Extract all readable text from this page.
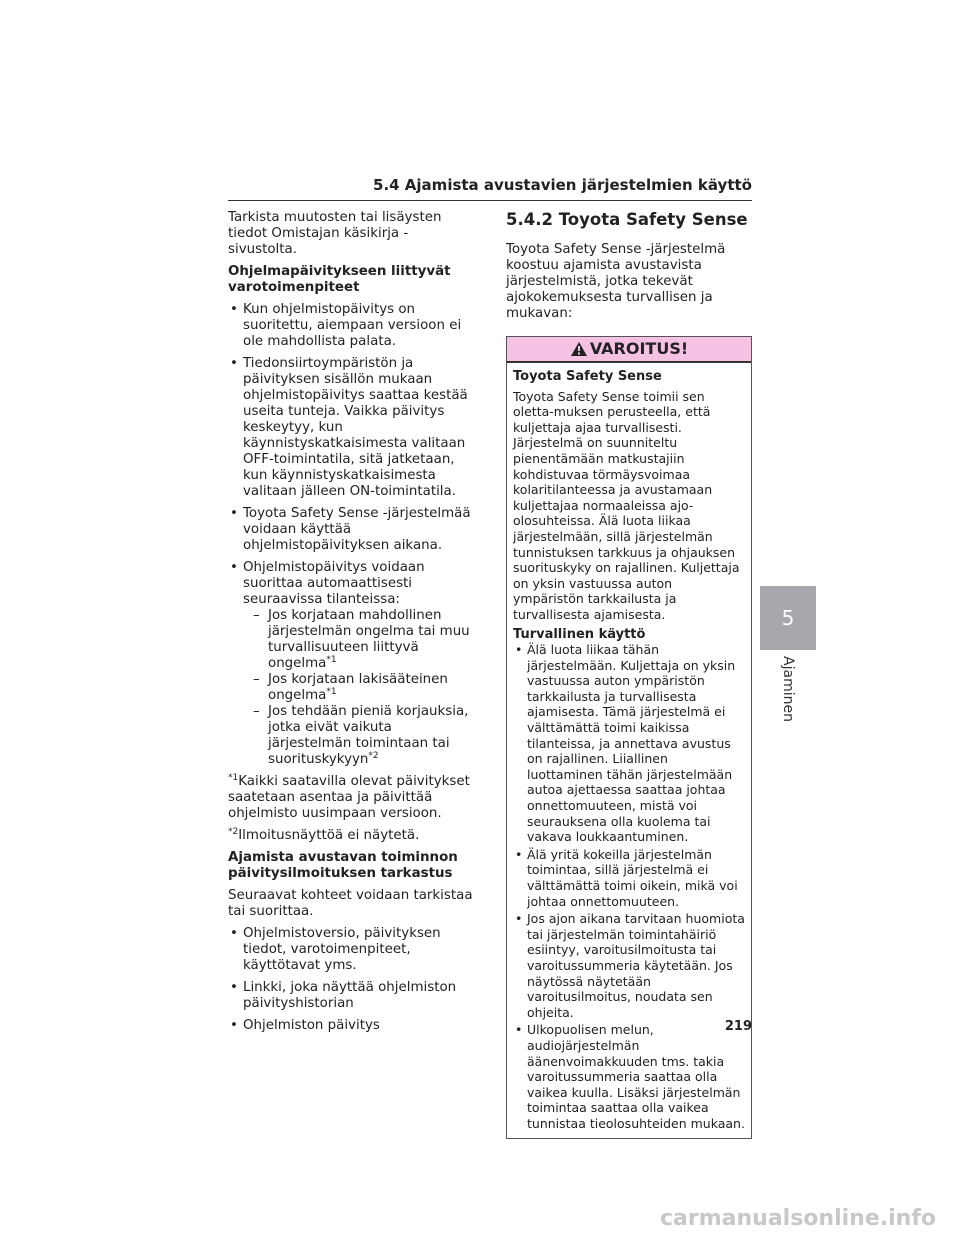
5.4 Ajamista avustavien järjestelmien käyttö

Tarkista muutosten tai lisäysten tiedot Omistajan käsikirja -sivustolta.

Ohjelmapäivitykseen liittyvät varotoimenpiteet

• Kun ohjelmistopäivitys on suoritettu, aiempaan versioon ei ole mahdollista palata.
• Tiedonsiirtoympäristön ja päivityksen sisällön mukaan ohjelmistopäivitys saattaa kestää useita tunteja. Vaikka päivitys keskeytyy, kun käynnistyskatkaisimesta valitaan OFF-toimintatila, sitä jatketaan, kun käynnistyskatkaisimesta valitaan jälleen ON-toimintatila.
• Toyota Safety Sense -järjestelmää voidaan käyttää ohjelmistopäivityksen aikana.
• Ohjelmistopäivitys voidaan suorittaa automaattisesti seuraavissa tilanteissa:
– Jos korjataan mahdollinen järjestelmän ongelma tai muu turvallisuuteen liittyvä ongelma$^{*1}$
– Jos korjataan lakisääteinen ongelma$^{*1}$
– Jos tehdään pieniä korjauksia, jotka eivät vaikuta järjestelmän toimintaan tai suorituskykyyn$^{*2}$

$^{*1}$Kaikki saatavilla olevat päivitykset saatetaan asentaa ja päivittää ohjelmisto uusimpaan versioon.

$^{*2}$Ilmoitusnäyttöä ei näytetä.

Ajamista avustavan toiminnon päivitysilmoituksen tarkastus

Seuraavat kohteet voidaan tarkistaa tai suorittaa.

• Ohjelmistoversio, päivityksen tiedot, varotoimenpiteet, käyttötavat yms.
• Linkki, joka näyttää ohjelmiston päivityshistorian
• Ohjelmiston päivitys
5.4.2 Toyota Safety Sense

Toyota Safety Sense -järjestelmä koostuu ajamista avustavista järjestelmistä, jotka tekevät ajokokemuksesta turvallisen ja mukavan:

VAROITUS!

Toyota Safety Sense

Toyota Safety Sense toimii sen oletta-muksen perusteella, että kuljettaja ajaa turvallisesti. Järjestelmä on suunniteltu pienentämään matkustajiin kohdistuvaa törmäysvoimaa kolaritilanteessa ja avustamaan kuljettajaa normaaleissa ajo-olosuhteissa. Älä luota liikaa järjestelmään, sillä järjestelmän tunnistuksen tarkkuus ja ohjauksen suorituskyky on rajallinen. Kuljettaja on yksin vastuussa auton ympäristön tarkkailusta ja turvallisesta ajamisesta.

Turvallinen käyttö

• Älä luota liikaa tähän järjestelmään. Kuljettaja on yksin vastuussa auton ympäristön tarkkailusta ja turvallisesta ajamisesta. Tämä järjestelmä ei välttämättä toimi kaikissa tilanteissa, ja annettava avustus on rajallinen. Liiallinen luottaminen tähän järjestelmään autoa ajettaessa saattaa johtaa onnettomuuteen, mistä voi seurauksena olla kuolema tai vakava loukkaantuminen.
• Älä yritä kokeilla järjestelmän toimintaa, sillä järjestelmä ei välttämättä toimi oikein, mikä voi johtaa onnettomuuteen.
• Jos ajon aikana tarvitaan huomiota tai järjestelmän toimintahäiriö esiintyy, varoitusilmoitusta tai varoitussummeria käytetään. Jos näytössä näytetään varoitusilmoitus, noudata sen ohjeita.
• Ulkopuolisen melun, audiojärjestelmän äänenvoimakkuuden tms. takia varoitussummeria saattaa olla vaikea kuulla. Lisäksi järjestelmän toimintaa saattaa olla vaikea tunnistaa tieolosuhteiden mukaan.
219
5
Ajaminen
carmanualsonline.info
